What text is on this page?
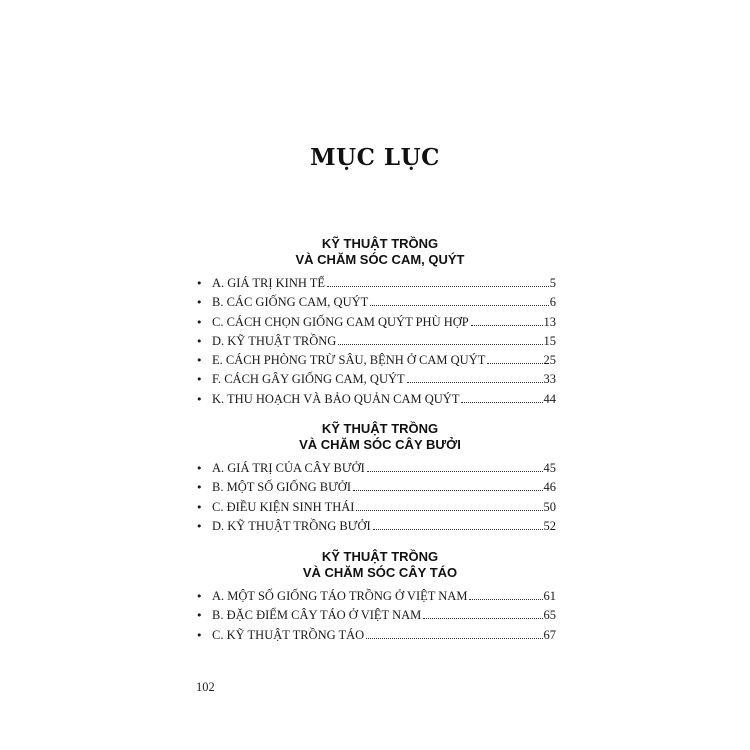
MỤC LỤC
KỸ THUẬT TRỒNG
VÀ CHĂM SÓC CAM, QUÝT
• A. GIÁ TRỊ KINH TẾ	5
• B. CÁC GIỐNG CAM, QUÝT	6
• C. CÁCH CHỌN GIỐNG CAM QUÝT PHÙ HỢP	13
• D. KỸ THUẬT TRỒNG	15
• E. CÁCH PHÒNG TRỪ SÂU, BỆNH Ở CAM QUÝT	25
• F. CÁCH GÂY GIỐNG CAM, QUÝT	33
• K. THU HOẠCH VÀ BẢO QUẢN CAM QUÝT	44
KỸ THUẬT TRỒNG
VÀ CHĂM SÓC CÂY BƯỞI
• A. GIÁ TRỊ CỦA CÂY BƯỞI	45
• B. MỘT SỐ GIỐNG BƯỞI	46
• C. ĐIỀU KIỆN SINH THÁI	50
• D. KỸ THUẬT TRỒNG BƯỞI	52
KỸ THUẬT TRỒNG
VÀ CHĂM SÓC CÂY TÁO
• A. MỘT SỐ GIỐNG TÁO TRỒNG Ở VIỆT NAM	61
• B. ĐẶC ĐIỂM CÂY TÁO Ở VIỆT NAM	65
• C. KỸ THUẬT TRỒNG TÁO	67
102
